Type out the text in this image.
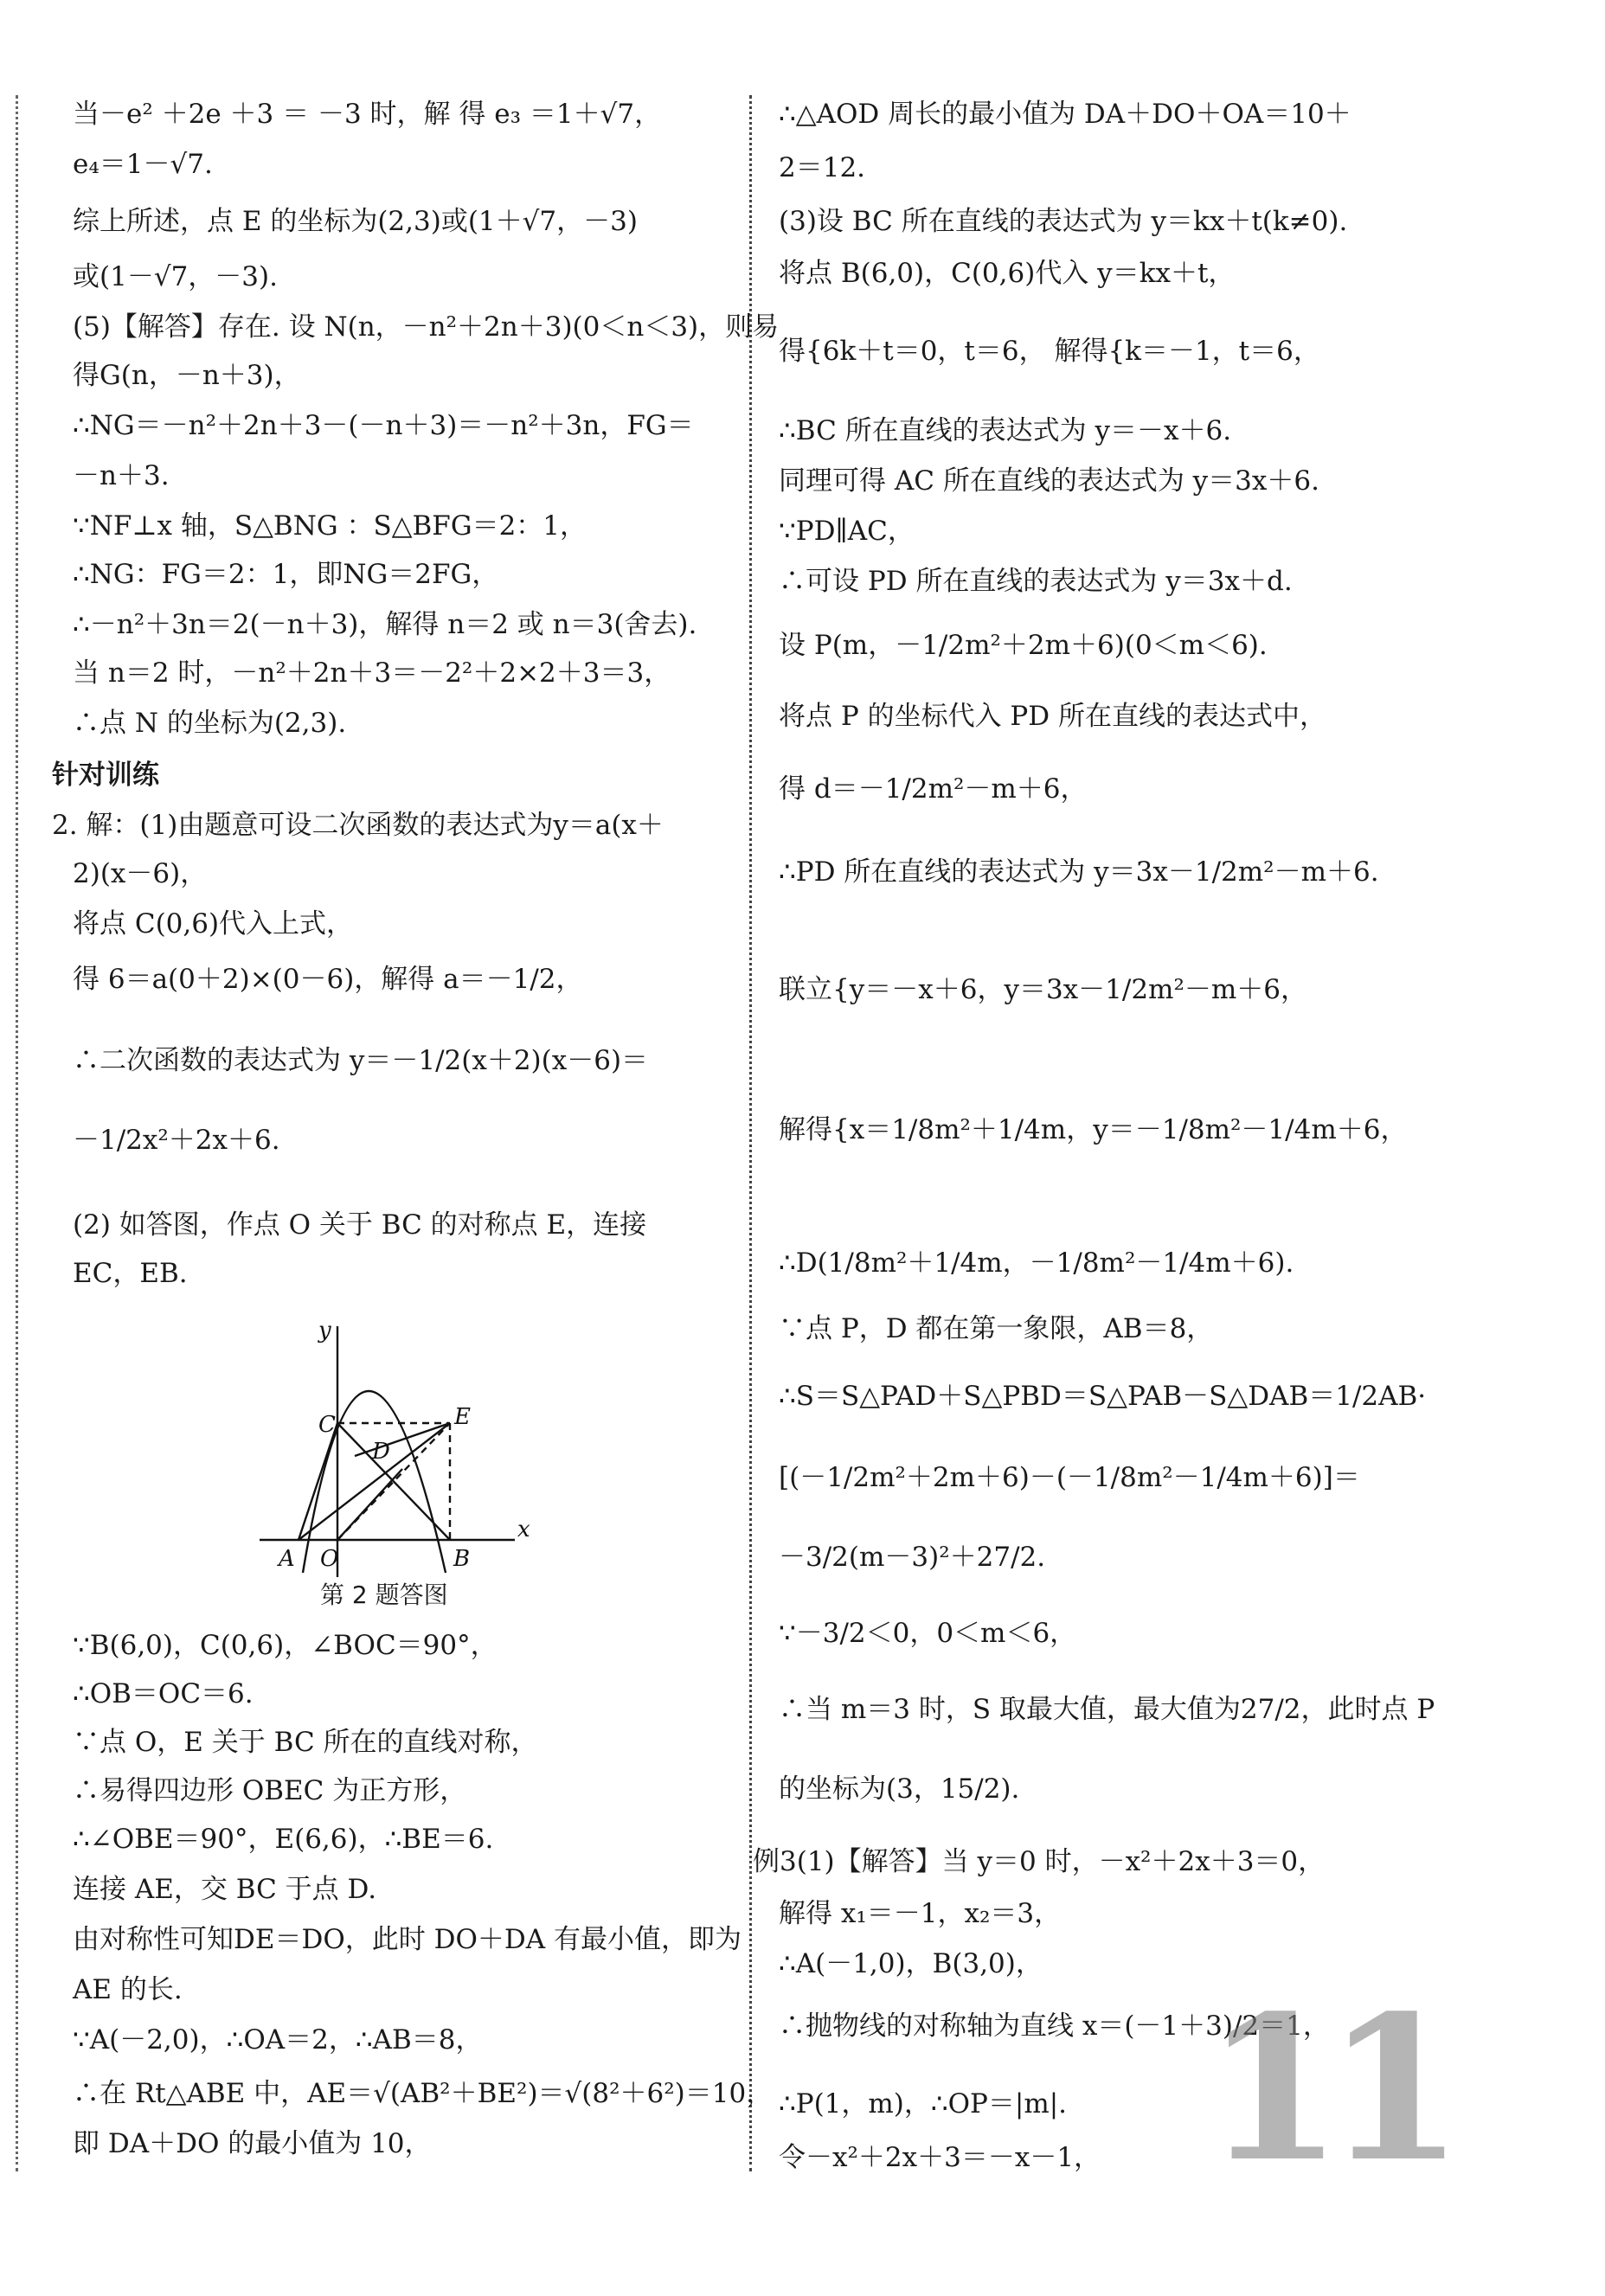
当－e² ＋2e ＋3 ＝ －3 时，解 得 e₃ ＝1＋√7，
e₄＝1－√7.
综上所述，点 E 的坐标为(2,3)或(1＋√7，－3)
或(1－√7，－3).
(5)【解答】存在. 设 N(n，－n²＋2n＋3)(0＜n＜3)，则易
得G(n，－n＋3)，
∴NG＝－n²＋2n＋3－(－n＋3)＝－n²＋3n，FG＝
－n＋3.
∵NF⊥x 轴，S△BNG ：S△BFG＝2：1，
∴NG：FG＝2：1，即NG＝2FG，
∴－n²＋3n＝2(－n＋3)，解得 n＝2 或 n＝3(舍去).
当 n＝2 时，－n²＋2n＋3＝－2²＋2×2＋3＝3，
∴点 N 的坐标为(2,3).
针对训练
2. 解：(1)由题意可设二次函数的表达式为y＝a(x＋
2)(x－6)，
将点 C(0,6)代入上式，
得 6＝a(0＋2)×(0－6)，解得 a＝－1/2，
∴二次函数的表达式为 y＝－1/2(x＋2)(x－6)＝
－1/2x²＋2x＋6.
(2) 如答图，作点 O 关于 BC 的对称点 E，连接
EC，EB.
y
x
C	E
D
A O	B
第 2 题答图
∵B(6,0)，C(0,6)，∠BOC＝90°，
∴OB＝OC＝6.
∵点 O，E 关于 BC 所在的直线对称，
∴易得四边形 OBEC 为正方形，
∴∠OBE＝90°，E(6,6)，∴BE＝6.
连接 AE，交 BC 于点 D.
由对称性可知DE＝DO，此时 DO＋DA 有最小值，即为
AE 的长.
∵A(－2,0)，∴OA＝2，∴AB＝8，
∴在 Rt△ABE 中，AE＝√(AB²＋BE²)＝√(8²＋6²)＝10，
即 DA＋DO 的最小值为 10，
∴△AOD 周长的最小值为 DA＋DO＋OA＝10＋
2＝12.
(3)设 BC 所在直线的表达式为 y＝kx＋t(k≠0).
将点 B(6,0)，C(0,6)代入 y＝kx＋t，
得{6k＋t＝0，t＝6， 解得{k＝－1，t＝6，
∴BC 所在直线的表达式为 y＝－x＋6.
同理可得 AC 所在直线的表达式为 y＝3x＋6.
∵PD∥AC，
∴可设 PD 所在直线的表达式为 y＝3x＋d.
设 P(m，－1/2m²＋2m＋6)(0＜m＜6).
将点 P 的坐标代入 PD 所在直线的表达式中，
得 d＝－1/2m²－m＋6，
∴PD 所在直线的表达式为 y＝3x－1/2m²－m＋6.
联立{y＝－x＋6，y＝3x－1/2m²－m＋6，
解得{x＝1/8m²＋1/4m，y＝－1/8m²－1/4m＋6，
∴D(1/8m²＋1/4m，－1/8m²－1/4m＋6).
∵点 P，D 都在第一象限，AB＝8，
∴S＝S△PAD＋S△PBD＝S△PAB－S△DAB＝1/2AB·
[(－1/2m²＋2m＋6)－(－1/8m²－1/4m＋6)]＝
－3/2(m－3)²＋27/2.
∵－3/2＜0，0＜m＜6，
∴当 m＝3 时，S 取最大值，最大值为27/2，此时点 P
的坐标为(3，15/2).
例3(1)【解答】当 y＝0 时，－x²＋2x＋3＝0，
解得 x₁＝－1，x₂＝3，
∴A(－1,0)，B(3,0)，
∴抛物线的对称轴为直线 x＝(－1＋3)/2＝1，
∴P(1，m)，∴OP＝|m|.
令－x²＋2x＋3＝－x－1， 11
